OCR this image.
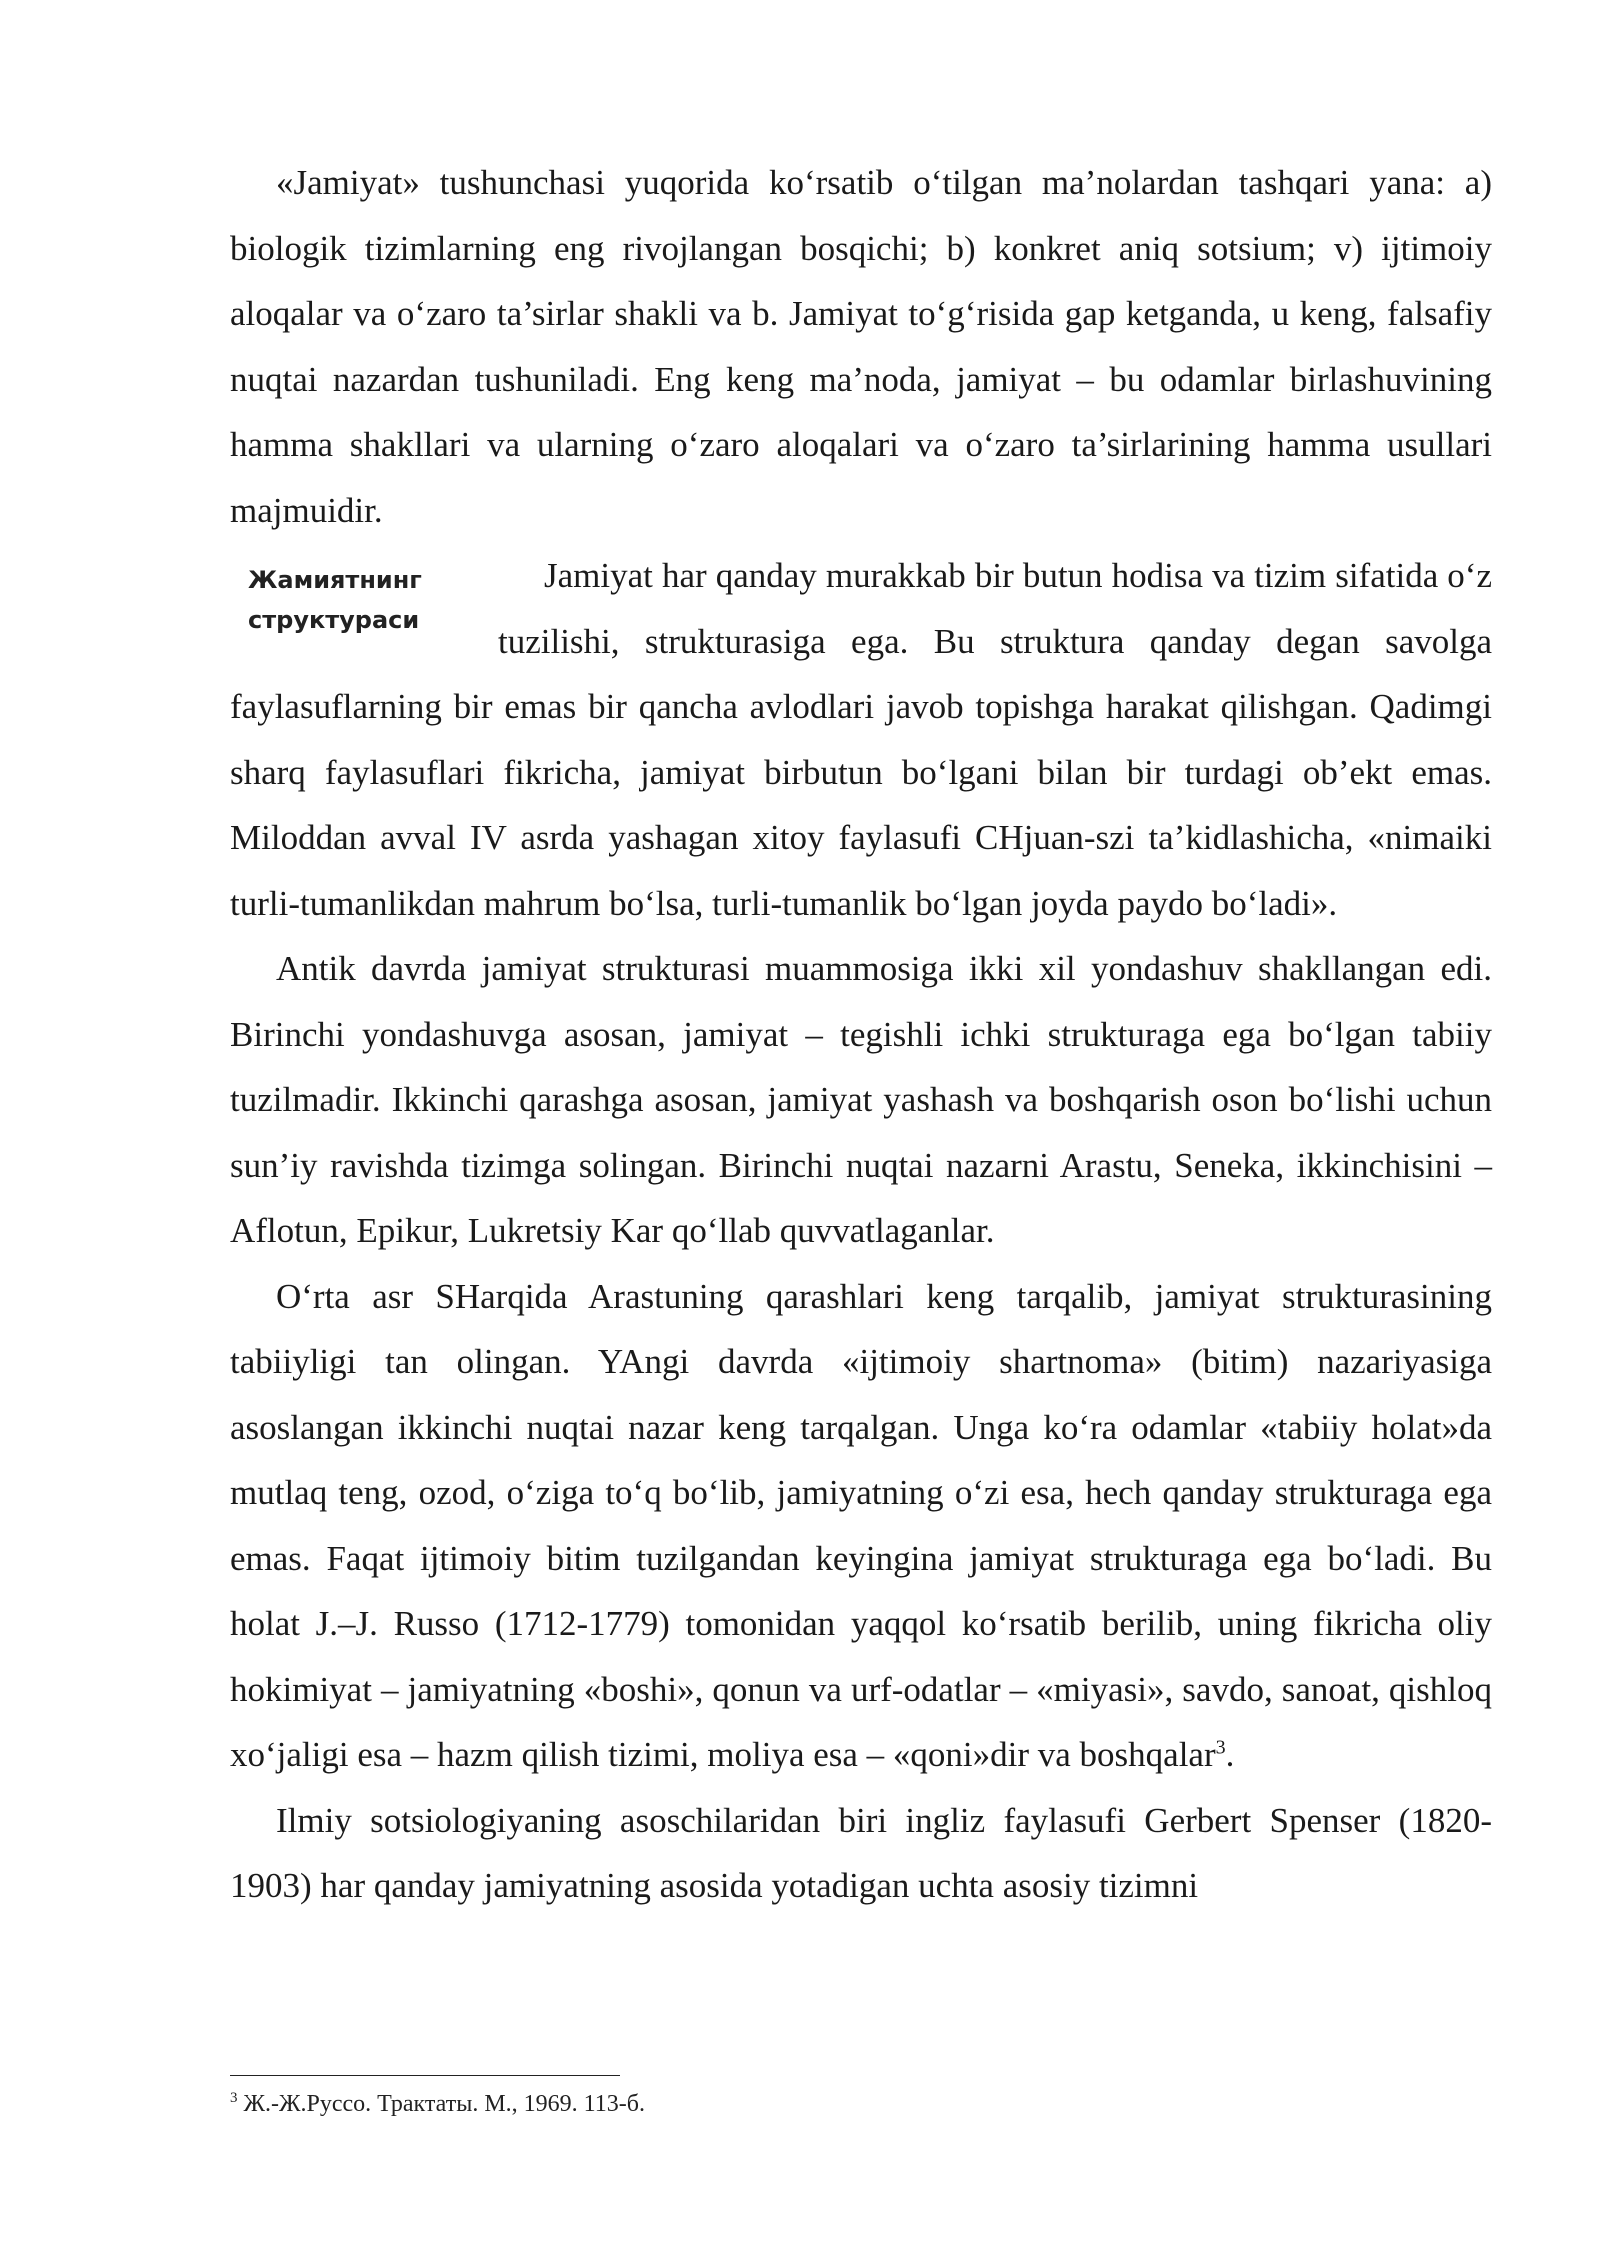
«Jamiyat» tushunchasi yuqorida koʻrsatib oʻtilgan ma’nolardan tashqari yana: a) biologik tizimlarning eng rivojlangan bosqichi; b) konkret aniq sotsium; v) ijtimoiy aloqalar va oʻzaro ta’sirlar shakli va b. Jamiyat toʻgʻrisida gap ketganda, u keng, falsafiy nuqtai nazardan tushuniladi. Eng keng ma’noda, jamiyat – bu odamlar birlashuvining hamma shakllari va ularning oʻzaro aloqalari va oʻzaro ta’sirlarining hamma usullari majmuidir.

Jamiyat har qanday murakkab bir butun hodisa va tizim sifatida oʻz tuzilishi, strukturasiga ega. Bu struktura qanday degan savolga faylasuflarning bir emas bir qancha avlodlari javob topishga harakat qilishgan. Qadimgi sharq faylasuflari fikricha, jamiyat birbutun boʻlgani bilan bir turdagi ob’ekt emas. Miloddan avval IV asrda yashagan xitoy faylasufi CHjuan-szi ta’kidlashicha, «nimaiki turli-tumanlikdan mahrum boʻlsa, turli-tumanlik boʻlgan joyda paydo boʻladi».

Antik davrda jamiyat strukturasi muammosiga ikki xil yondashuv shakllangan edi. Birinchi yondashuvga asosan, jamiyat – tegishli ichki strukturaga ega boʻlgan tabiiy tuzilmadir. Ikkinchi qarashga asosan, jamiyat yashash va boshqarish oson boʻlishi uchun sun’iy ravishda tizimga solingan. Birinchi nuqtai nazarni Arastu, Seneka, ikkinchisini – Aflotun, Epikur, Lukretsiy Kar qoʻllab quvvatlaganlar.

Oʻrta asr SHarqida Arastuning qarashlari keng tarqalib, jamiyat strukturasining tabiiyligi tan olingan. YAngi davrda «ijtimoiy shartnoma» (bitim) nazariyasiga asoslangan ikkinchi nuqtai nazar keng tarqalgan. Unga koʻra odamlar «tabiiy holat»da mutlaq teng, ozod, oʻziga toʻq boʻlib, jamiyatning oʻzi esa, hech qanday strukturaga ega emas. Faqat ijtimoiy bitim tuzilgandan keyingina jamiyat strukturaga ega boʻladi. Bu holat J.–J. Russo (1712-1779) tomonidan yaqqol koʻrsatib berilib, uning fikricha oliy hokimiyat – jamiyatning «boshi», qonun va urf-odatlar – «miyasi», savdo, sanoat, qishloq xoʻjaligi esa – hazm qilish tizimi, moliya esa – «qoni»dir va boshqalar$^3$.

Ilmiy sotsiologiyaning asoschilaridan biri ingliz faylasufi Gerbert Spenser (1820-1903) har qanday jamiyatning asosida yotadigan uchta asosiy tizimni

Жамиятнинг
структураси
$^3$ Ж.-Ж.Руссо. Трактаты. М., 1969. 113-б.
